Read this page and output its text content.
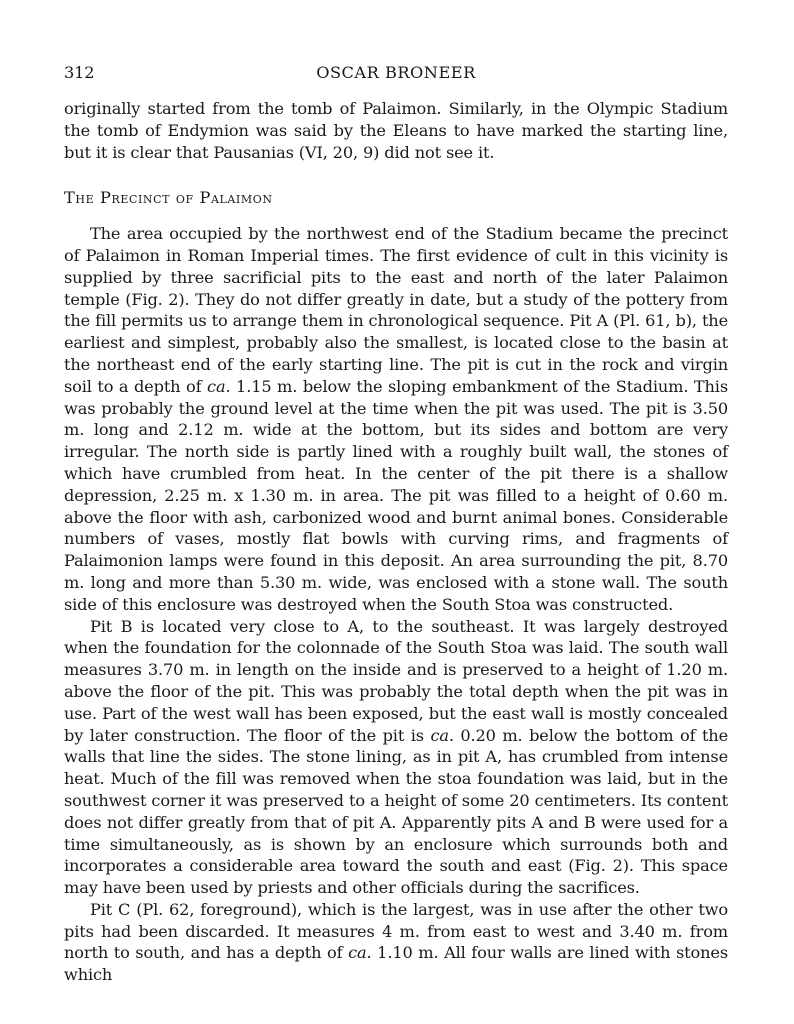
312	OSCAR BRONEER

originally started from the tomb of Palaimon. Similarly, in the Olympic Stadium the tomb of Endymion was said by the Eleans to have marked the starting line, but it is clear that Pausanias (VI, 20, 9) did not see it.

The Precinct of Palaimon

The area occupied by the northwest end of the Stadium became the precinct of Palaimon in Roman Imperial times. The first evidence of cult in this vicinity is supplied by three sacrificial pits to the east and north of the later Palaimon temple (Fig. 2). They do not differ greatly in date, but a study of the pottery from the fill permits us to arrange them in chronological sequence. Pit A (Pl. 61, b), the earliest and simplest, probably also the smallest, is located close to the basin at the northeast end of the early starting line. The pit is cut in the rock and virgin soil to a depth of ca. 1.15 m. below the sloping embankment of the Stadium. This was probably the ground level at the time when the pit was used. The pit is 3.50 m. long and 2.12 m. wide at the bottom, but its sides and bottom are very irregular. The north side is partly lined with a roughly built wall, the stones of which have crumbled from heat. In the center of the pit there is a shallow depression, 2.25 m. x 1.30 m. in area. The pit was filled to a height of 0.60 m. above the floor with ash, carbonized wood and burnt animal bones. Considerable numbers of vases, mostly flat bowls with curving rims, and fragments of Palaimonion lamps were found in this deposit. An area surrounding the pit, 8.70 m. long and more than 5.30 m. wide, was enclosed with a stone wall. The south side of this enclosure was destroyed when the South Stoa was constructed.

Pit B is located very close to A, to the southeast. It was largely destroyed when the foundation for the colonnade of the South Stoa was laid. The south wall measures 3.70 m. in length on the inside and is preserved to a height of 1.20 m. above the floor of the pit. This was probably the total depth when the pit was in use. Part of the west wall has been exposed, but the east wall is mostly concealed by later construction. The floor of the pit is ca. 0.20 m. below the bottom of the walls that line the sides. The stone lining, as in pit A, has crumbled from intense heat. Much of the fill was removed when the stoa foundation was laid, but in the southwest corner it was preserved to a height of some 20 centimeters. Its content does not differ greatly from that of pit A. Apparently pits A and B were used for a time simultaneously, as is shown by an enclosure which surrounds both and incorporates a considerable area toward the south and east (Fig. 2). This space may have been used by priests and other officials during the sacrifices.

Pit C (Pl. 62, foreground), which is the largest, was in use after the other two pits had been discarded. It measures 4 m. from east to west and 3.40 m. from north to south, and has a depth of ca. 1.10 m. All four walls are lined with stones which
